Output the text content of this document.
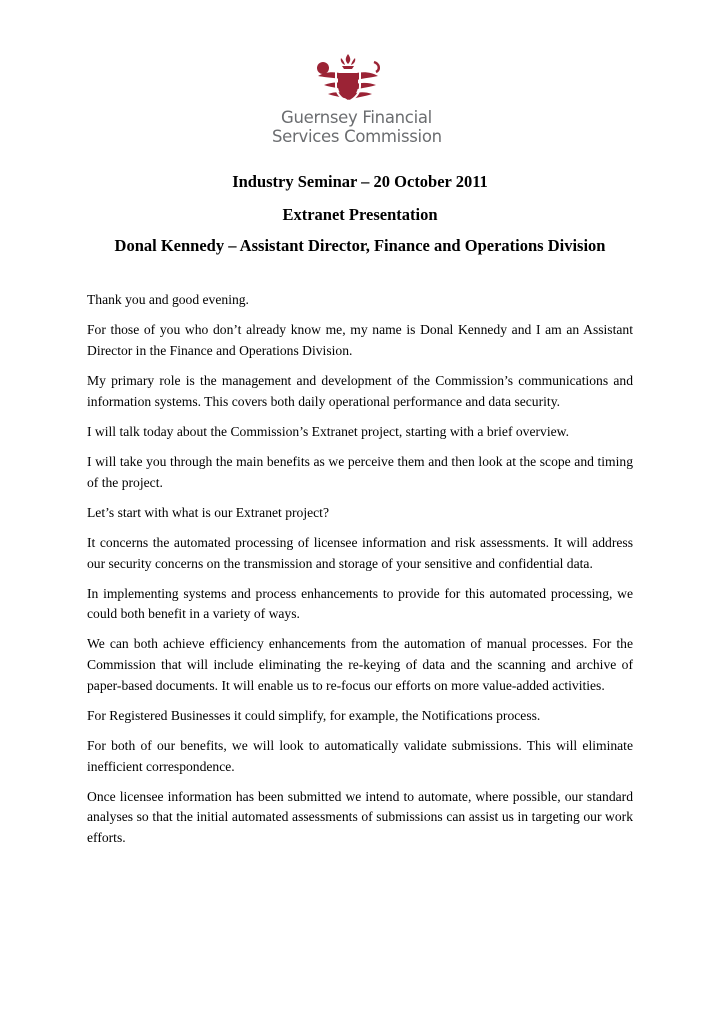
Guernsey Financial
Services Commission
Industry Seminar – 20 October 2011
Extranet Presentation
Donal Kennedy – Assistant Director, Finance and Operations Division

Thank you and good evening.

For those of you who don’t already know me, my name is Donal Kennedy and I am an Assistant Director in the Finance and Operations Division.

My primary role is the management and development of the Commission’s communications and information systems. This covers both daily operational performance and data security.

I will talk today about the Commission’s Extranet project, starting with a brief overview.

I will take you through the main benefits as we perceive them and then look at the scope and timing of the project.

Let’s start with what is our Extranet project?

It concerns the automated processing of licensee information and risk assessments. It will address our security concerns on the transmission and storage of your sensitive and confidential data.

In implementing systems and process enhancements to provide for this automated processing, we could both benefit in a variety of ways.

We can both achieve efficiency enhancements from the automation of manual processes. For the Commission that will include eliminating the re-keying of data and the scanning and archive of paper-based documents. It will enable us to re-focus our efforts on more value-added activities.

For Registered Businesses it could simplify, for example, the Notifications process.

For both of our benefits, we will look to automatically validate submissions. This will eliminate inefficient correspondence.

Once licensee information has been submitted we intend to automate, where possible, our standard analyses so that the initial automated assessments of submissions can assist us in targeting our work efforts.
